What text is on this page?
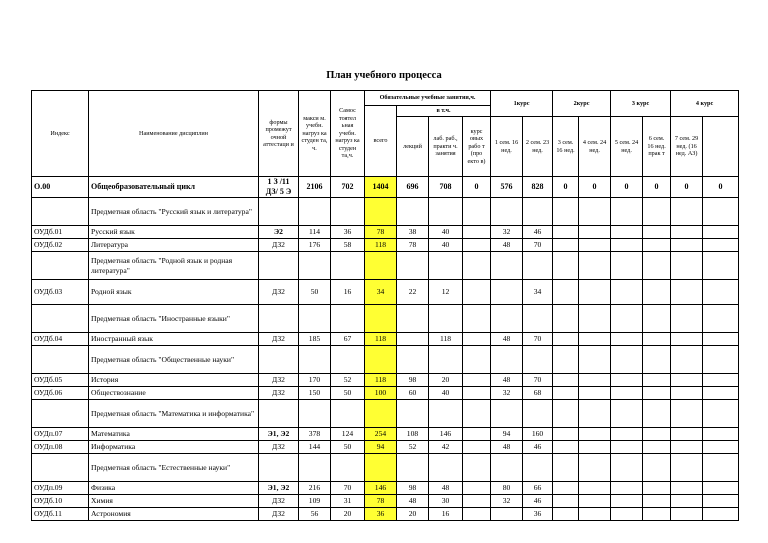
План учебного процесса
Индекс	Наименование дисциплин	формы промежут очной аттестаци и	макси м. учебн. нагруз ка студен та, ч.	Самос тоятел ьная учебн. нагруз ка студен та,ч.	Обязательные учебные занятия,ч.				1курс		2курс		3 курс		4 курс	
					всего	в т.ч.										
						лекций	лаб. раб., практи ч. занятия	курс овых рабо т (про екто в)	1 сем. 16 нед.	2 сем. 23 нед.	3 сем. 16 нед.	4 сем. 24 нед.	5 сем. 24 нед.	6 сем. 16 нед. прак т	7 сем. 29 нед. (16 нед. АЗ)	
О.00	Общеобразовательный цикл	1 З /11 ДЗ/ 5 Э	2106	702	1404	696	708	0	576	828	0	0	0	0	0	0
	Предметная область "Русский язык и литература"															
ОУДб.01	Русский язык	Э2	114	36	78	38	40		32	46						
ОУДб.02	Литература	ДЗ2	176	58	118	78	40		48	70						
	Предметная область "Родной язык и родная литература"															
ОУДб.03	Родной язык	ДЗ2	50	16	34	22	12			34						
	Предметная область "Иностранные языки"															
ОУДб.04	Иностранный язык	ДЗ2	185	67	118		118		48	70						
	Предметная область "Общественные науки"															
ОУДб.05	История	ДЗ2	170	52	118	98	20		48	70						
ОУДб.06	Обществознание	ДЗ2	150	50	100	60	40		32	68						
	Предметная область "Математика и информатика"															
ОУДп.07	Математика	Э1, Э2	378	124	254	108	146		94	160						
ОУДп.08	Информатика	ДЗ2	144	50	94	52	42		48	46						
	Предметная область "Естественные науки"															
ОУДп.09	Физика	Э1, Э2	216	70	146	98	48		80	66						
ОУДб.10	Химия	ДЗ2	109	31	78	48	30		32	46						
ОУДб.11	Астрономия	ДЗ2	56	20	36	20	16			36						
